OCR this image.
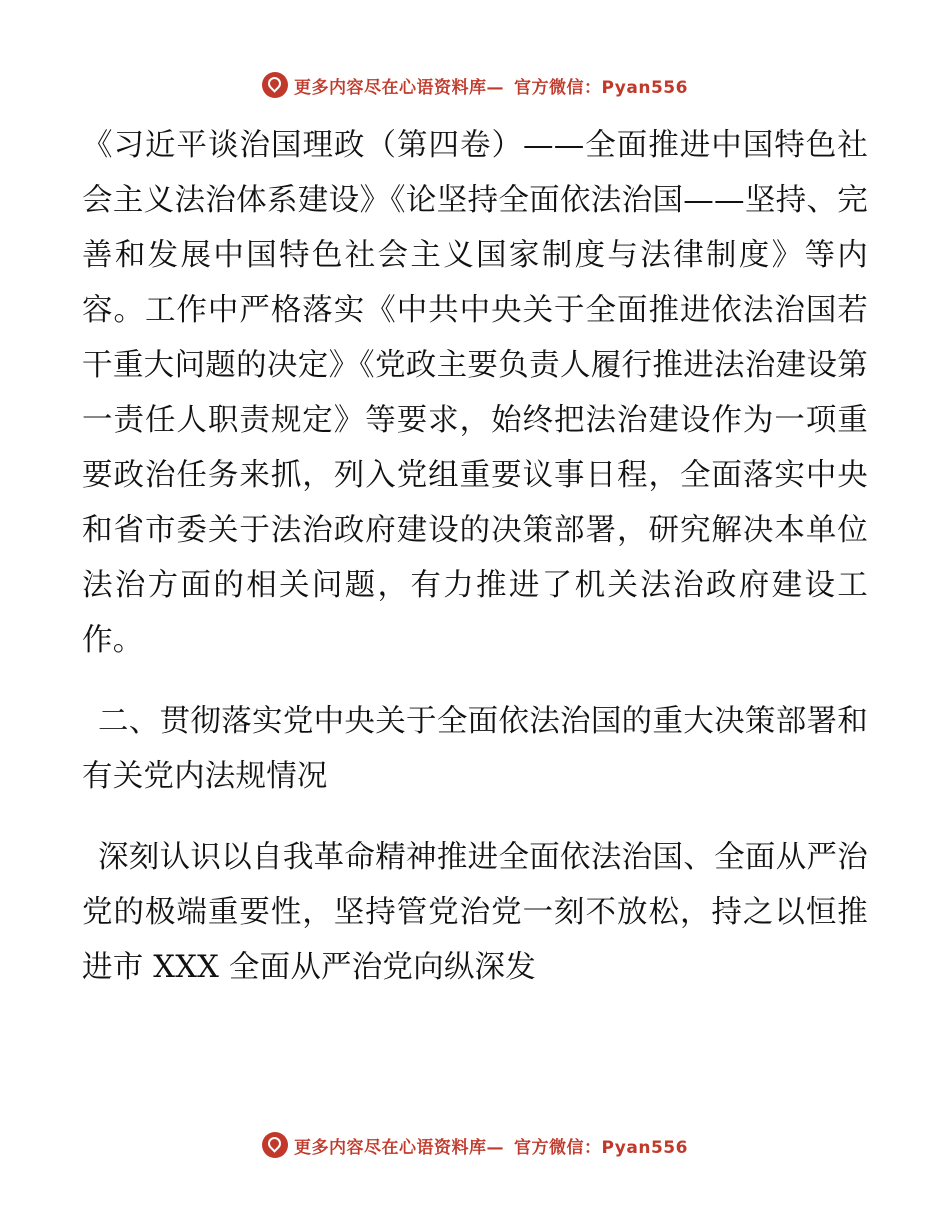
更多内容尽在心语资料库— 官方微信：Pyan556

《习近平谈治国理政（第四卷）——全面推进中国特色社会主义法治体系建设》《论坚持全面依法治国——坚持、完善和发展中国特色社会主义国家制度与法律制度》等内容。工作中严格落实《中共中央关于全面推进依法治国若干重大问题的决定》《党政主要负责人履行推进法治建设第一责任人职责规定》等要求，始终把法治建设作为一项重要政治任务来抓，列入党组重要议事日程，全面落实中央和省市委关于法治政府建设的决策部署，研究解决本单位法治方面的相关问题，有力推进了机关法治政府建设工作。

二、贯彻落实党中央关于全面依法治国的重大决策部署和有关党内法规情况

深刻认识以自我革命精神推进全面依法治国、全面从严治党的极端重要性，坚持管党治党一刻不放松，持之以恒推进市 XXX 全面从严治党向纵深发

更多内容尽在心语资料库— 官方微信：Pyan556
